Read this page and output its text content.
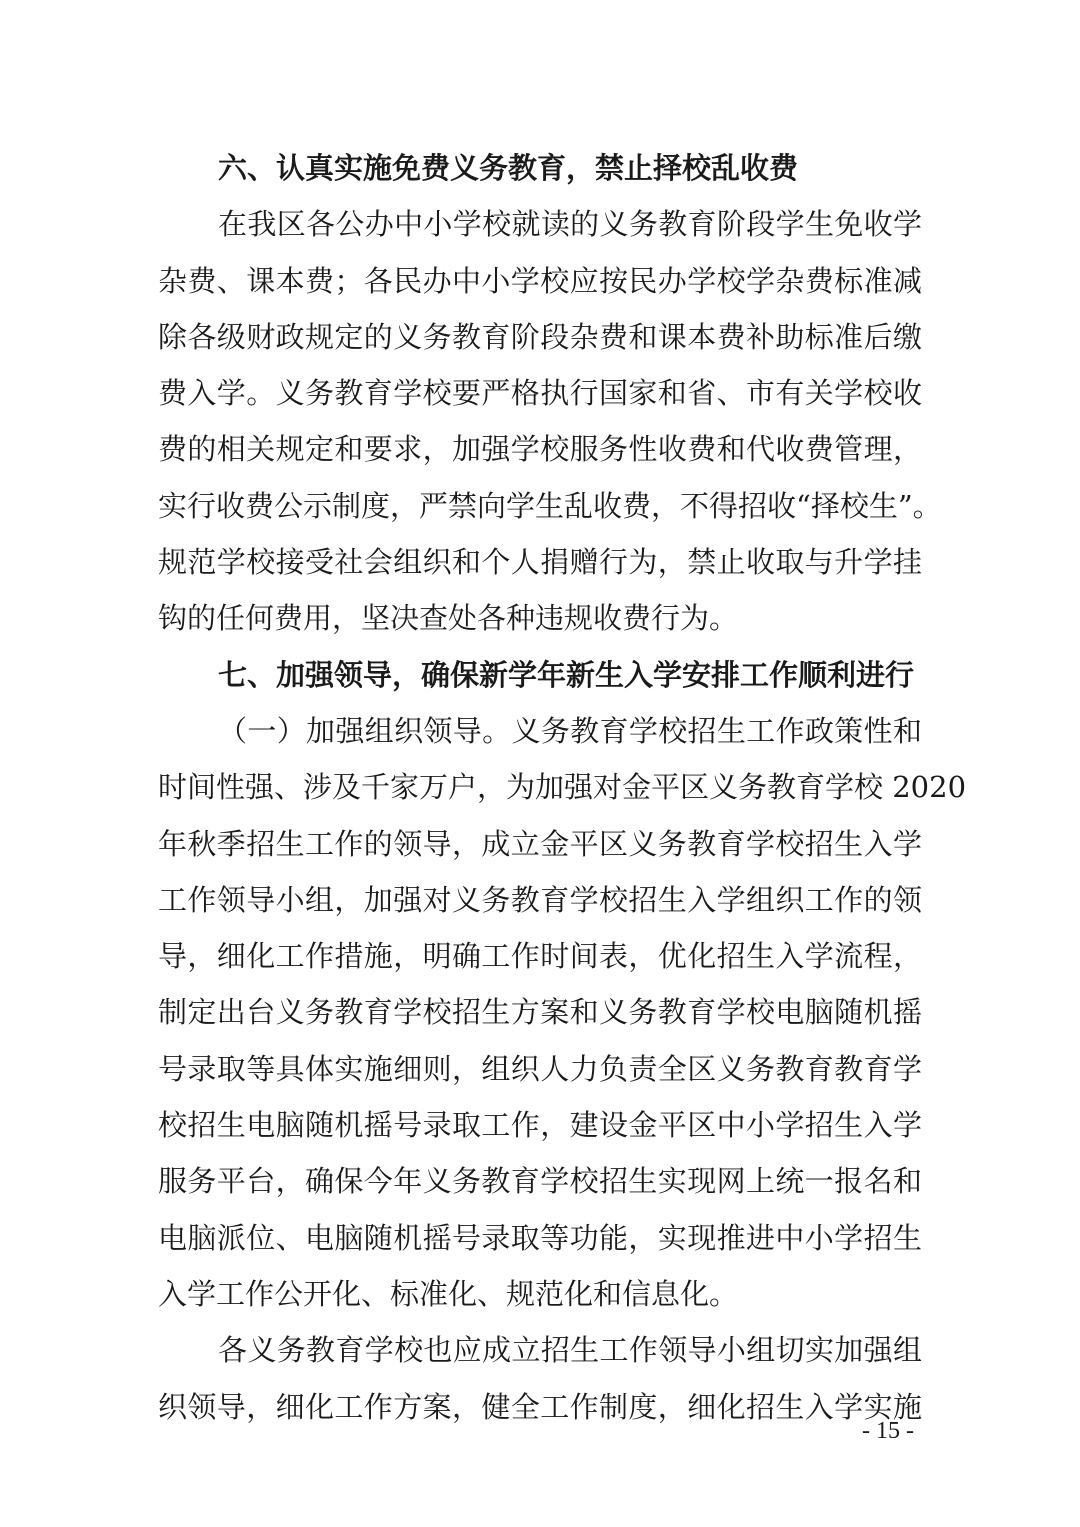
六、认真实施免费义务教育，禁止择校乱收费
在我区各公办中小学校就读的义务教育阶段学生免收学
杂费、课本费；各民办中小学校应按民办学校学杂费标准减
除各级财政规定的义务教育阶段杂费和课本费补助标准后缴
费入学。义务教育学校要严格执行国家和省、市有关学校收
费的相关规定和要求，加强学校服务性收费和代收费管理，
实行收费公示制度，严禁向学生乱收费，不得招收“择校生”。
规范学校接受社会组织和个人捐赠行为，禁止收取与升学挂
钩的任何费用，坚决查处各种违规收费行为。
七、加强领导，确保新学年新生入学安排工作顺利进行
（一）加强组织领导。义务教育学校招生工作政策性和
时间性强、涉及千家万户，为加强对金平区义务教育学校 2020
年秋季招生工作的领导，成立金平区义务教育学校招生入学
工作领导小组，加强对义务教育学校招生入学组织工作的领
导，细化工作措施，明确工作时间表，优化招生入学流程，
制定出台义务教育学校招生方案和义务教育学校电脑随机摇
号录取等具体实施细则，组织人力负责全区义务教育教育学
校招生电脑随机摇号录取工作，建设金平区中小学招生入学
服务平台，确保今年义务教育学校招生实现网上统一报名和
电脑派位、电脑随机摇号录取等功能，实现推进中小学招生
入学工作公开化、标准化、规范化和信息化。
各义务教育学校也应成立招生工作领导小组切实加强组
织领导，细化工作方案，健全工作制度，细化招生入学实施
- 15 -
